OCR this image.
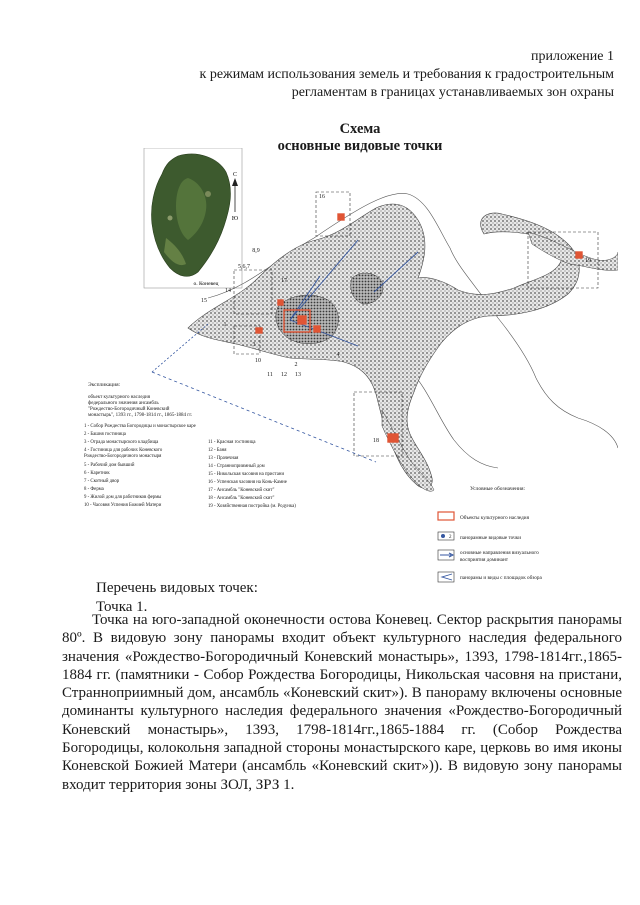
приложение 1
к режимам использования земель и требования к градостроительным
регламентам в границах устанавливаемых зон охраны
Схема
основные видовые точки
о. Коневец
С
Ю
1
2
3
4
5,6,7
8,9
10
11 12 13
14
15
16
17
18
19
Экспликация:
объект культурного наследия
федерального значения ансамбль
"Рождество-Богородичный Коневский
монастырь", 1393 гг., 1798-1814 гг., 1865-1884 гг.
1 - Собор Рождества Богородицы и монастырское каре
2 - Башня гостиница
3 - Ограда монастырского кладбища
4 - Гостиница для рабочих Коневского
Рождество-Богородичного монастыря
5 - Рабочий дом бывший
6 - Каретник
7 - Скотный двор
8 - Ферма
9 - Жилой дом для работников фермы
10 - Часовня Успения Божией Матери
11 - Красная гостиница
12 - Баня
13 - Прачечная
14 - Странноприимный дом
15 - Никольская часовня на пристани
16 - Успенская часовня на Конь-Камне
17 - Ансамбль "Коневский скит"
18 - Ансамбль "Коневский скит"
19 - Хозяйственная постройка (м. Родунка)
Условные обозначения:
Объекты культурного наследия
2 панорамные видовые точки
основные направления визуального
восприятия доминант
панорамы и виды с площадок обзора
Перечень видовых точек:
Точка 1.
Точка на юго-западной оконечности остова Коневец. Сектор раскрытия панорамы 80º. В видовую зону панорамы входит объект культурного наследия федерального значения «Рождество-Богородичный Коневский монастырь», 1393, 1798-1814гг.,1865-1884 гг. (памятники - Собор Рождества Богородицы, Никольская часовня на пристани, Странноприимный дом, ансамбль «Коневский скит»). В панораму включены основные доминанты культурного наследия федерального значения «Рождество-Богородичный Коневский монастырь», 1393, 1798-1814гг.,1865-1884 гг. (Собор Рождества Богородицы, колокольня западной стороны монастырского каре, церковь во имя иконы Коневской Божией Матери (ансамбль «Коневский скит»)). В видовую зону панорамы входит территория зоны ЗОЛ, ЗРЗ 1.
